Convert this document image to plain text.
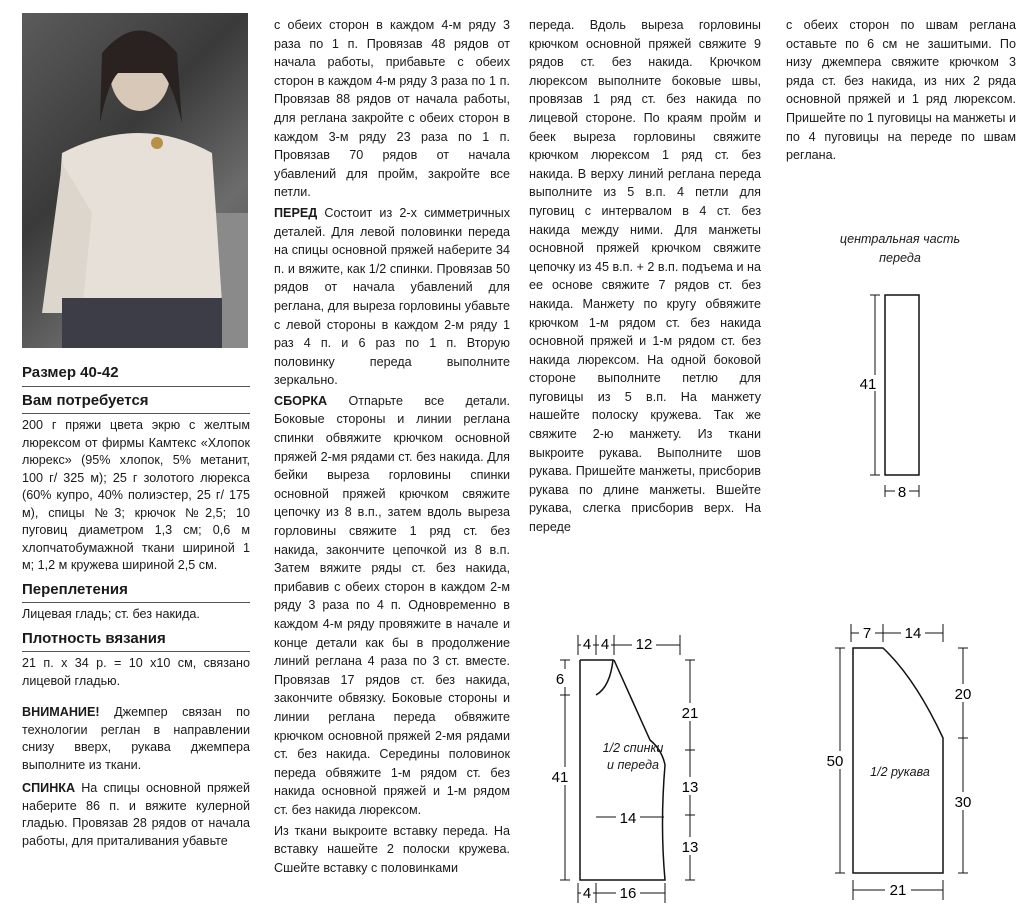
Размер 40-42
Вам потребуется

200 г пряжи цвета экрю с желтым люрексом от фирмы Камтекс «Хлопок люрекс» (95% хлопок, 5% метанит, 100 г/ 325 м); 25 г золотого люрекса (60% купро, 40% полиэстер, 25 г/ 175 м), спицы №3; крючок №2,5; 10 пуговиц диаметром 1,3 см; 0,6 м хлопчатобумажной ткани шириной 1 м; 1,2 м кружева шириной 2,5 см.

Переплетения

Лицевая гладь; ст. без накида.

Плотность вязания

21 п. х 34 р. = 10 х10 см, связано лицевой гладью.

ВНИМАНИЕ! Джемпер связан по технологии реглан в направлении снизу вверх, рукава джемпера выполните из ткани.

СПИНКА На спицы основной пряжей наберите 86 п. и вяжите кулерной гладью. Провязав 28 рядов от начала работы, для приталивания убавьте

с обеих сторон в каждом 4-м ряду 3 раза по 1 п. Провязав 48 рядов от начала работы, прибавьте с обеих сторон в каждом 4-м ряду 3 раза по 1 п. Провязав 88 рядов от начала работы, для реглана закройте с обеих сторон в каждом 3-м ряду 23 раза по 1 п. Провязав 70 рядов от начала убавлений для пройм, закройте все петли.

ПЕРЕД Состоит из 2-х симметричных деталей. Для левой половинки переда на спицы основной пряжей наберите 34 п. и вяжите, как 1/2 спинки. Провязав 50 рядов от начала убавлений для реглана, для выреза горловины убавьте с левой стороны в каждом 2-м ряду 1 раз 4 п. и 6 раз по 1 п. Вторую половинку переда выполните зеркально.

СБОРКА Отпарьте все детали. Боковые стороны и линии реглана спинки обвяжите крючком основной пряжей 2-мя рядами ст. без накида. Для бейки выреза горловины спинки основной пряжей крючком свяжите цепочку из 8 в.п., затем вдоль выреза горловины свяжите 1 ряд ст. без накида, закончите цепочкой из 8 в.п. Затем вяжите ряды ст. без накида, прибавив с обеих сторон в каждом 2-м ряду 3 раза по 4 п. Одновременно в каждом 4-м ряду провяжите в начале и конце детали как бы в продолжение линий реглана 4 раза по 3 ст. вместе. Провязав 17 рядов ст. без накида, закончите обвязку. Боковые стороны и линии реглана переда обвяжите крючком основной пряжей 2-мя рядами ст. без накида. Середины половинок переда обвяжите 1-м рядом ст. без накида основной пряжей и 1-м рядом ст. без накида люрексом.

Из ткани выкроите вставку переда. На вставку нашейте 2 полоски кружева. Сшейте вставку с половинками

переда. Вдоль выреза горловины крючком основной пряжей свяжите 9 рядов ст. без накида. Крючком люрексом выполните боковые швы, провязав 1 ряд ст. без накида по лицевой стороне. По краям пройм и беек выреза горловины свяжите крючком люрексом 1 ряд ст. без накида. В верху линий реглана переда выполните из 5 в.п. 4 петли для пуговиц с интервалом в 4 ст. без накида между ними. Для манжеты основной пряжей крючком свяжите цепочку из 45 в.п. + 2 в.п. подъема и на ее основе свяжите 7 рядов ст. без накида. Манжету по кругу обвяжите крючком 1-м рядом ст. без накида основной пряжей и 1-м рядом ст. без накида люрексом. На одной боковой стороне выполните петлю для пуговицы из 5 в.п. На манжету нашейте полоску кружева. Так же свяжите 2-ю манжету. Из ткани выкроите рукава. Выполните шов рукава. Пришейте манжеты, присборив рукава по длине манжеты. Вшейте рукава, слегка присборив верх. На переде

с обеих сторон по швам реглана оставьте по 6 см не зашитыми. По низу джемпера свяжите крючком 3 ряда ст. без накида, из них 2 ряда основной пряжей и 1 ряд люрексом. Пришейте по 1 пуговицы на манжеты и по 4 пуговицы на переде по швам реглана.

центральная часть переда
41
8
4 4 12
6
41
21
13
13
14
1/2 спинки и переда
4 16
7 14
50
20
30
1/2 рукава
21
